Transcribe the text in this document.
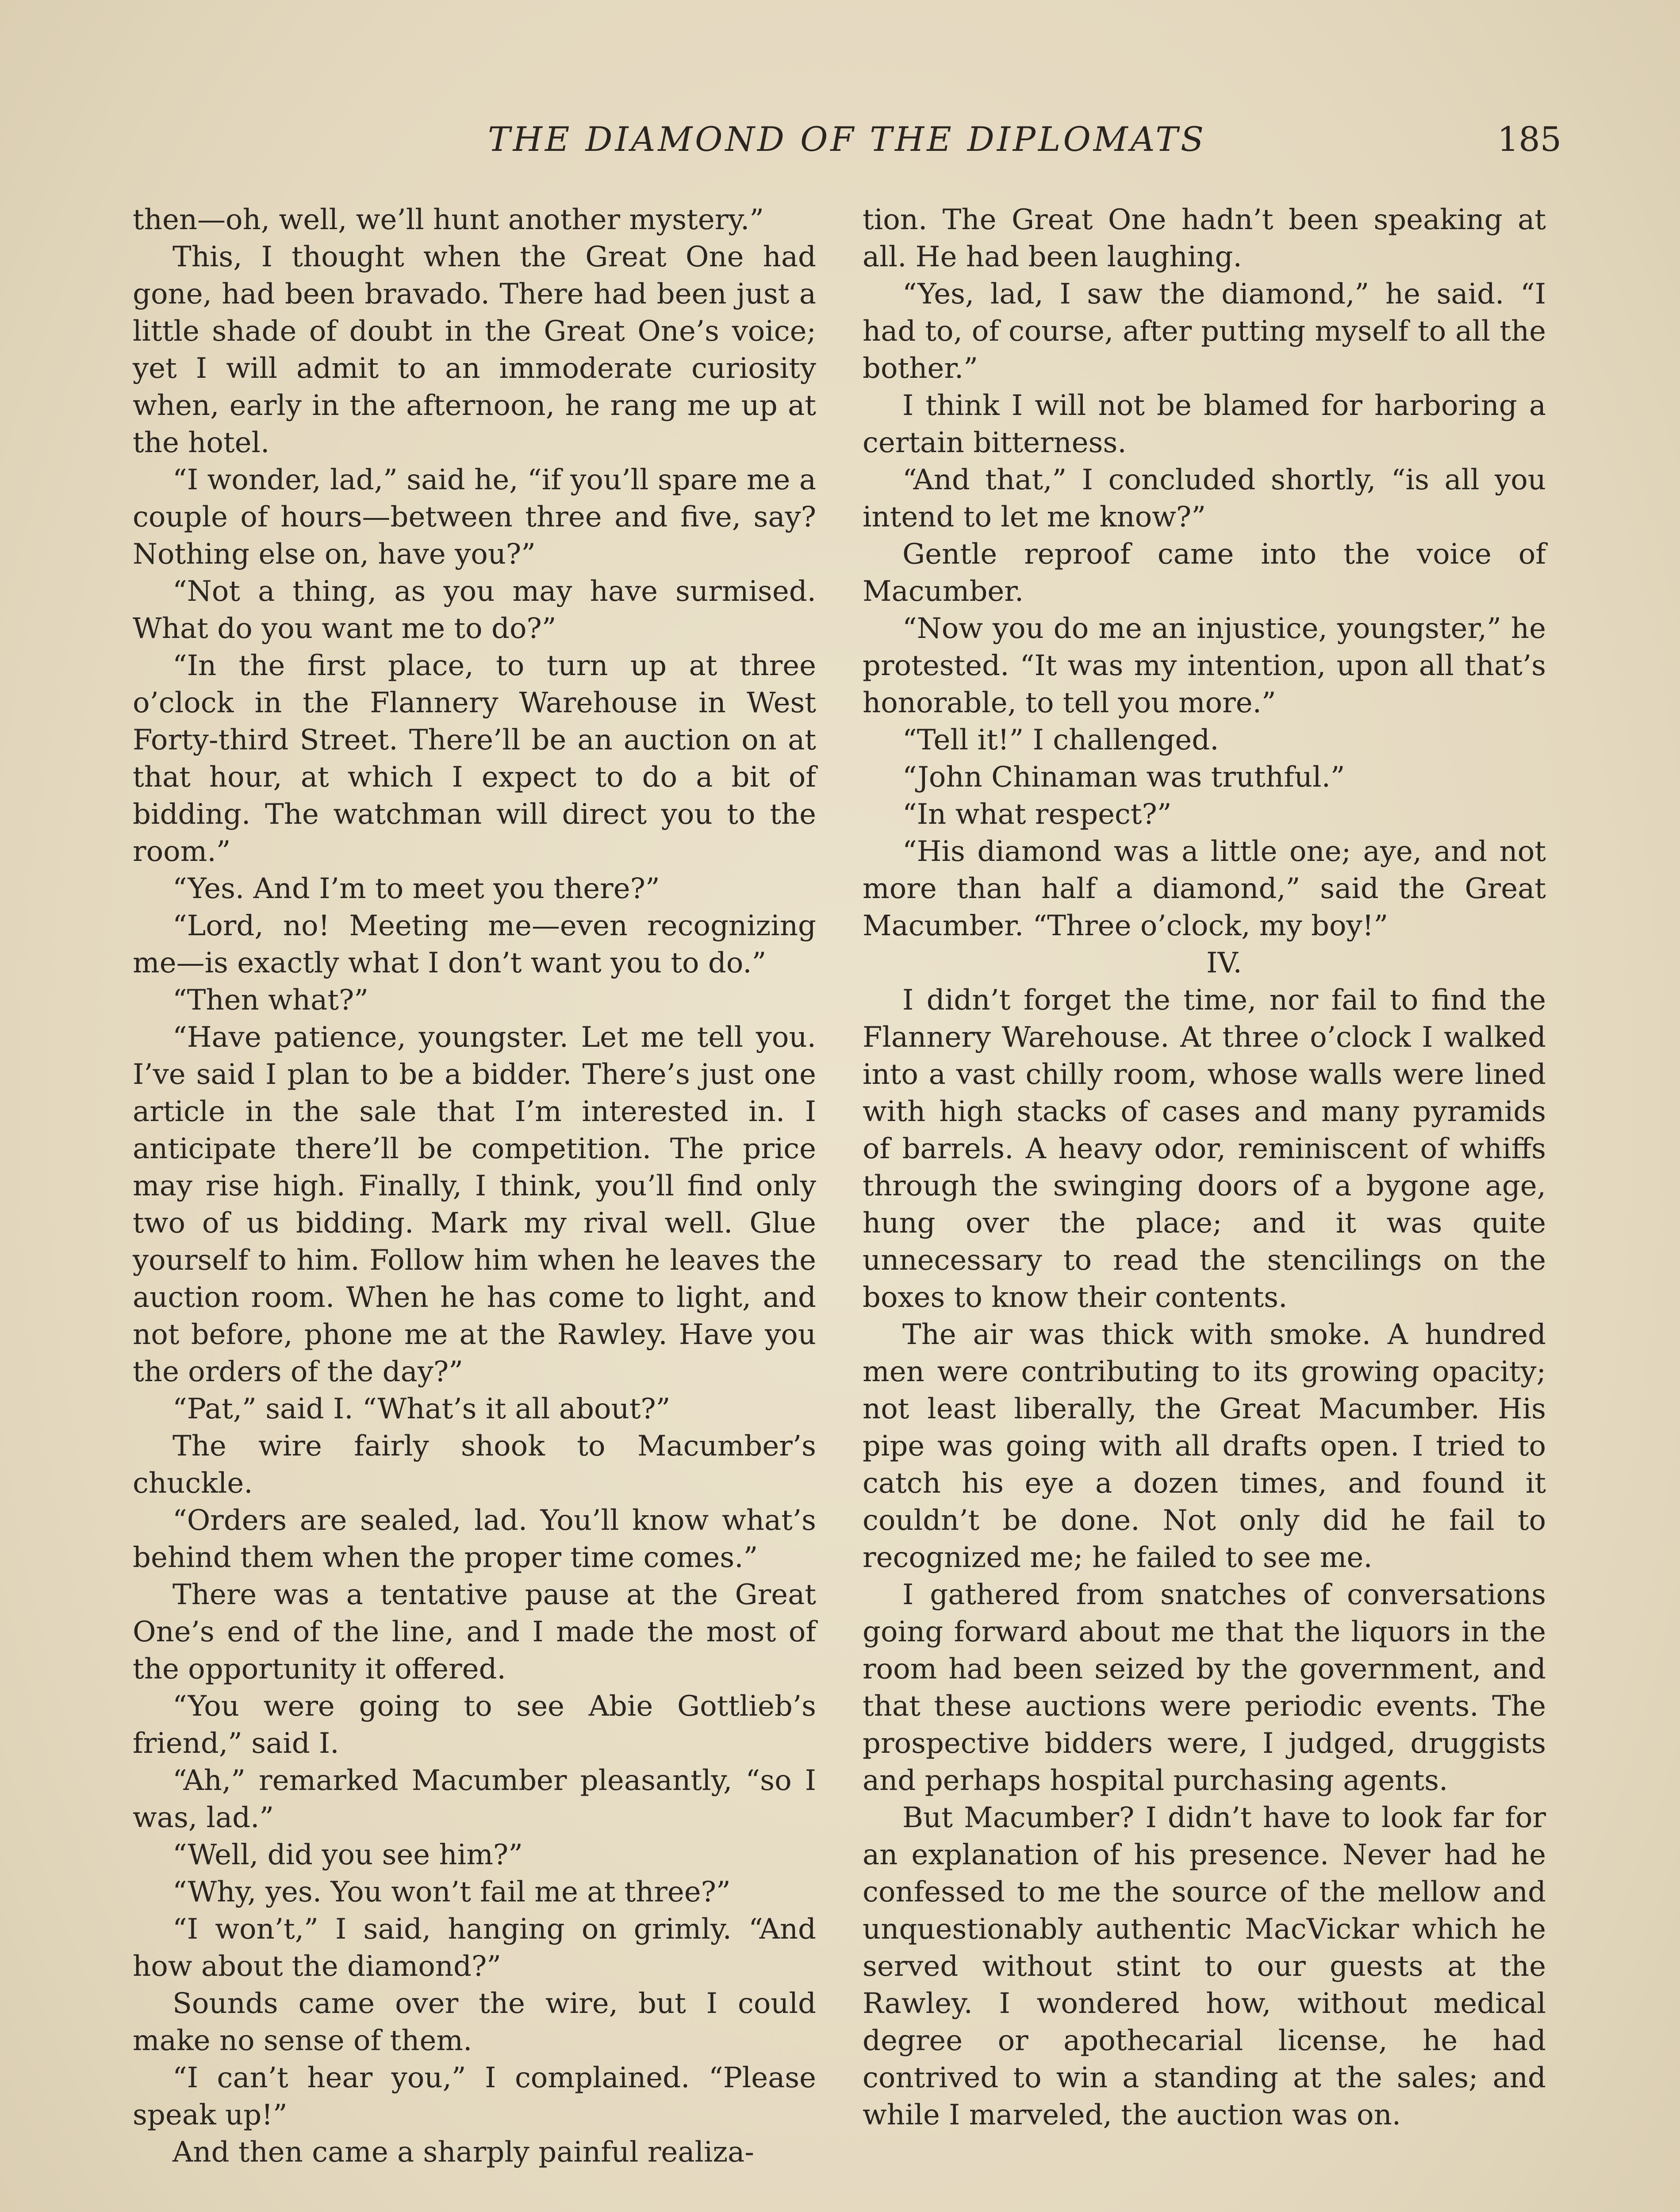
THE DIAMOND OF THE DIPLOMATS	185

then—oh, well, we’ll hunt another mystery.”

This, I thought when the Great One had gone, had been bravado. There had been just a little shade of doubt in the Great One’s voice; yet I will admit to an immoderate curiosity when, early in the afternoon, he rang me up at the hotel.

“I wonder, lad,” said he, “if you’ll spare me a couple of hours—between three and five, say? Nothing else on, have you?”

“Not a thing, as you may have surmised. What do you want me to do?”

“In the first place, to turn up at three o’clock in the Flannery Warehouse in West Forty-third Street. There’ll be an auction on at that hour, at which I expect to do a bit of bidding. The watchman will direct you to the room.”

“Yes. And I’m to meet you there?”

“Lord, no! Meeting me—even recognizing me—is exactly what I don’t want you to do.”

“Then what?”

“Have patience, youngster. Let me tell you. I’ve said I plan to be a bidder. There’s just one article in the sale that I’m interested in. I anticipate there’ll be competition. The price may rise high. Finally, I think, you’ll find only two of us bidding. Mark my rival well. Glue yourself to him. Follow him when he leaves the auction room. When he has come to light, and not before, phone me at the Rawley. Have you the orders of the day?”

“Pat,” said I. “What’s it all about?”

The wire fairly shook to Macumber’s chuckle.

“Orders are sealed, lad. You’ll know what’s behind them when the proper time comes.”

There was a tentative pause at the Great One’s end of the line, and I made the most of the opportunity it offered.

“You were going to see Abie Gottlieb’s friend,” said I.

“Ah,” remarked Macumber pleasantly, “so I was, lad.”

“Well, did you see him?”

“Why, yes. You won’t fail me at three?”

“I won’t,” I said, hanging on grimly. “And how about the diamond?”

Sounds came over the wire, but I could make no sense of them.

“I can’t hear you,” I complained. “Please speak up!”

And then came a sharply painful realiza-

tion. The Great One hadn’t been speaking at all. He had been laughing.

“Yes, lad, I saw the diamond,” he said. “I had to, of course, after putting myself to all the bother.”

I think I will not be blamed for harboring a certain bitterness.

“And that,” I concluded shortly, “is all you intend to let me know?”

Gentle reproof came into the voice of Macumber.

“Now you do me an injustice, youngster,” he protested. “It was my intention, upon all that’s honorable, to tell you more.”

“Tell it!” I challenged.

“John Chinaman was truthful.”

“In what respect?”

“His diamond was a little one; aye, and not more than half a diamond,” said the Great Macumber. “Three o’clock, my boy!”

IV.

I didn’t forget the time, nor fail to find the Flannery Warehouse. At three o’clock I walked into a vast chilly room, whose walls were lined with high stacks of cases and many pyramids of barrels. A heavy odor, reminiscent of whiffs through the swinging doors of a bygone age, hung over the place; and it was quite unnecessary to read the stencilings on the boxes to know their contents.

The air was thick with smoke. A hundred men were contributing to its growing opacity; not least liberally, the Great Macumber. His pipe was going with all drafts open. I tried to catch his eye a dozen times, and found it couldn’t be done. Not only did he fail to recognized me; he failed to see me.

I gathered from snatches of conversations going forward about me that the liquors in the room had been seized by the government, and that these auctions were periodic events. The prospective bidders were, I judged, druggists and perhaps hospital purchasing agents.

But Macumber? I didn’t have to look far for an explanation of his presence. Never had he confessed to me the source of the mellow and unquestionably authentic MacVickar which he served without stint to our guests at the Rawley. I wondered how, without medical degree or apothecarial license, he had contrived to win a standing at the sales; and while I marveled, the auction was on.
